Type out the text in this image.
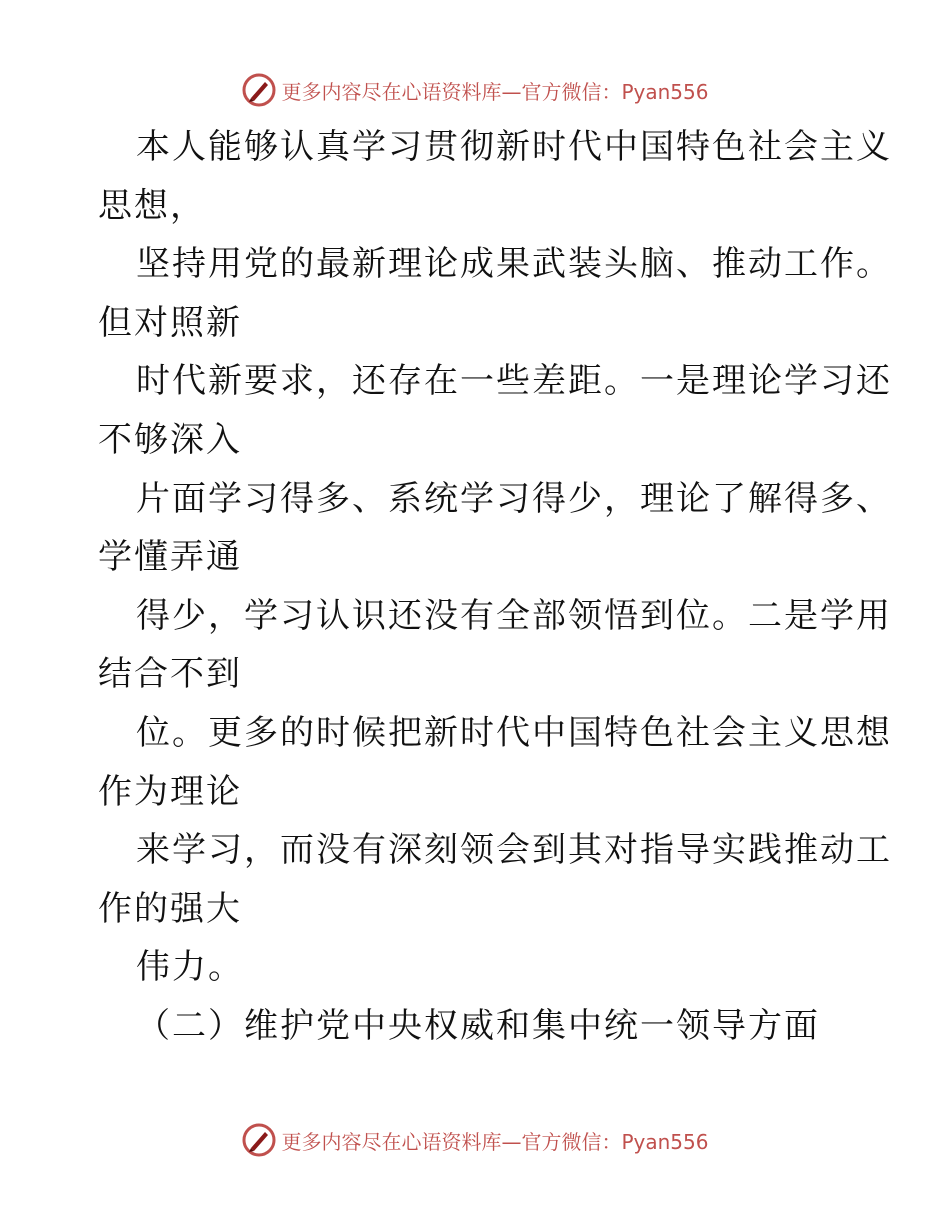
更多内容尽在心语资料库—官方微信：Pyan556
本人能够认真学习贯彻新时代中国特色社会主义
思想，
坚持用党的最新理论成果武装头脑、推动工作。
但对照新
时代新要求，还存在一些差距。一是理论学习还
不够深入
片面学习得多、系统学习得少，理论了解得多、
学懂弄通
得少，学习认识还没有全部领悟到位。二是学用
结合不到
位。更多的时候把新时代中国特色社会主义思想
作为理论
来学习，而没有深刻领会到其对指导实践推动工
作的强大
伟力。
（二）维护党中央权威和集中统一领导方面
更多内容尽在心语资料库—官方微信：Pyan556
